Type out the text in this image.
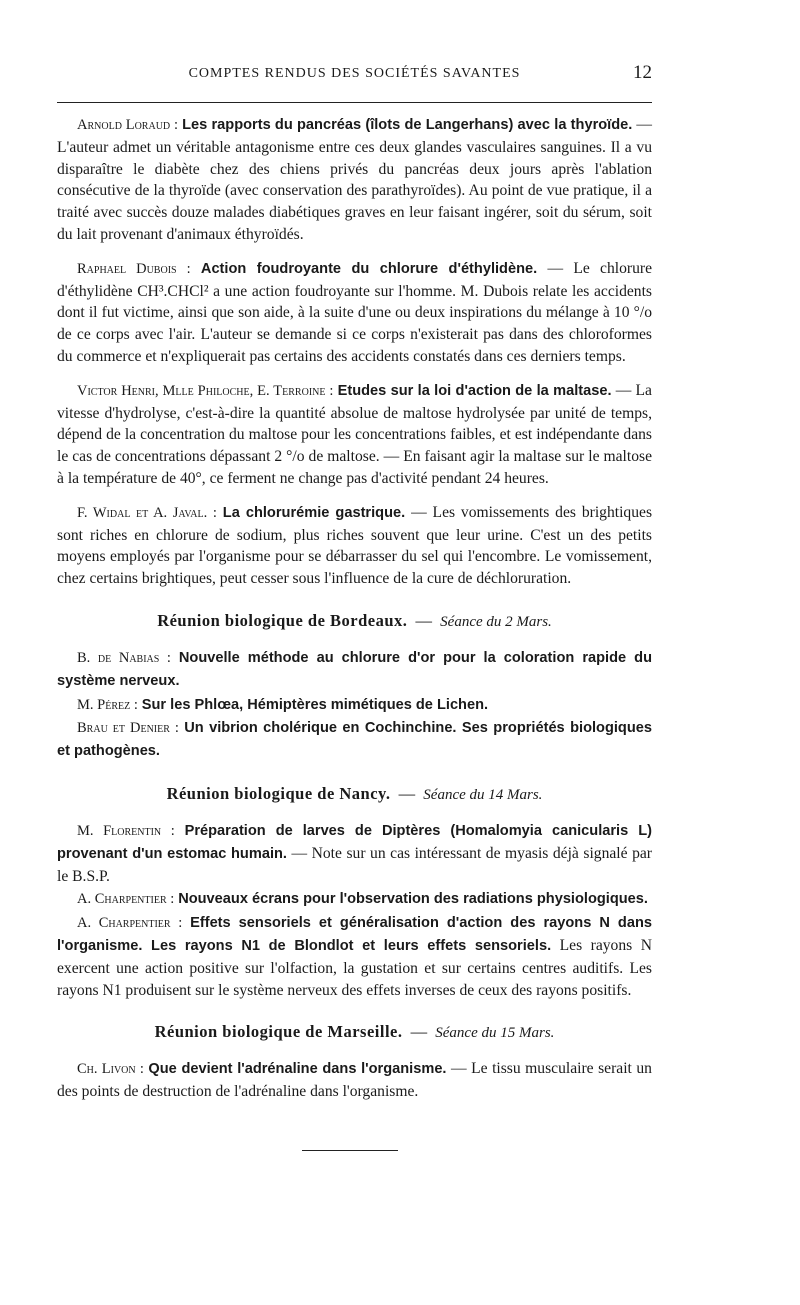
COMPTES RENDUS DES SOCIÉTÉS SAVANTES	12

Arnold Loraud : Les rapports du pancréas (îlots de Langerhans) avec la thyroïde. — L'auteur admet un véritable antagonisme entre ces deux glandes vasculaires sanguines. Il a vu disparaître le diabète chez des chiens privés du pancréas deux jours après l'ablation consécutive de la thyroïde (avec conservation des parathyroïdes). Au point de vue pratique, il a traité avec succès douze malades diabétiques graves en leur faisant ingérer, soit du sérum, soit du lait provenant d'animaux éthyroïdés.

Raphael Dubois : Action foudroyante du chlorure d'éthylidène. — Le chlorure d'éthylidène CH³.CHCl² a une action foudroyante sur l'homme. M. Dubois relate les accidents dont il fut victime, ainsi que son aide, à la suite d'une ou deux inspirations du mélange à 10 °/o de ce corps avec l'air. L'auteur se demande si ce corps n'existerait pas dans des chloroformes du commerce et n'expliquerait pas certains des accidents constatés dans ces derniers temps.

Victor Henri, Mlle Philoche, E. Terroine : Etudes sur la loi d'action de la maltase. — La vitesse d'hydrolyse, c'est-à-dire la quantité absolue de maltose hydrolysée par unité de temps, dépend de la concentration du maltose pour les concentrations faibles, et est indépendante dans le cas de concentrations dépassant 2 °/o de maltose. — En faisant agir la maltase sur le maltose à la température de 40°, ce ferment ne change pas d'activité pendant 24 heures.

F. Widal et A. Javal. : La chlorurémie gastrique. — Les vomissements des brightiques sont riches en chlorure de sodium, plus riches souvent que leur urine. C'est un des petits moyens employés par l'organisme pour se débarrasser du sel qui l'encombre. Le vomissement, chez certains brightiques, peut cesser sous l'influence de la cure de déchloruration.

Réunion biologique de Bordeaux. — Séance du 2 Mars.

B. de Nabias : Nouvelle méthode au chlorure d'or pour la coloration rapide du système nerveux.

M. Pérez : Sur les Phlœa, Hémiptères mimétiques de Lichen.

Brau et Denier : Un vibrion cholérique en Cochinchine. Ses propriétés biologiques et pathogènes.

Réunion biologique de Nancy. — Séance du 14 Mars.

M. Florentin : Préparation de larves de Diptères (Homalomyia canicularis L) provenant d'un estomac humain. — Note sur un cas intéressant de myasis déjà signalé par le B.S.P.

A. Charpentier : Nouveaux écrans pour l'observation des radiations physiologiques.

A. Charpentier : Effets sensoriels et généralisation d'action des rayons N dans l'organisme. Les rayons N1 de Blondlot et leurs effets sensoriels. Les rayons N exercent une action positive sur l'olfaction, la gustation et sur certains centres auditifs. Les rayons N1 produisent sur le système nerveux des effets inverses de ceux des rayons positifs.

Réunion biologique de Marseille. — Séance du 15 Mars.

Ch. Livon : Que devient l'adrénaline dans l'organisme. — Le tissu musculaire serait un des points de destruction de l'adrénaline dans l'organisme.
